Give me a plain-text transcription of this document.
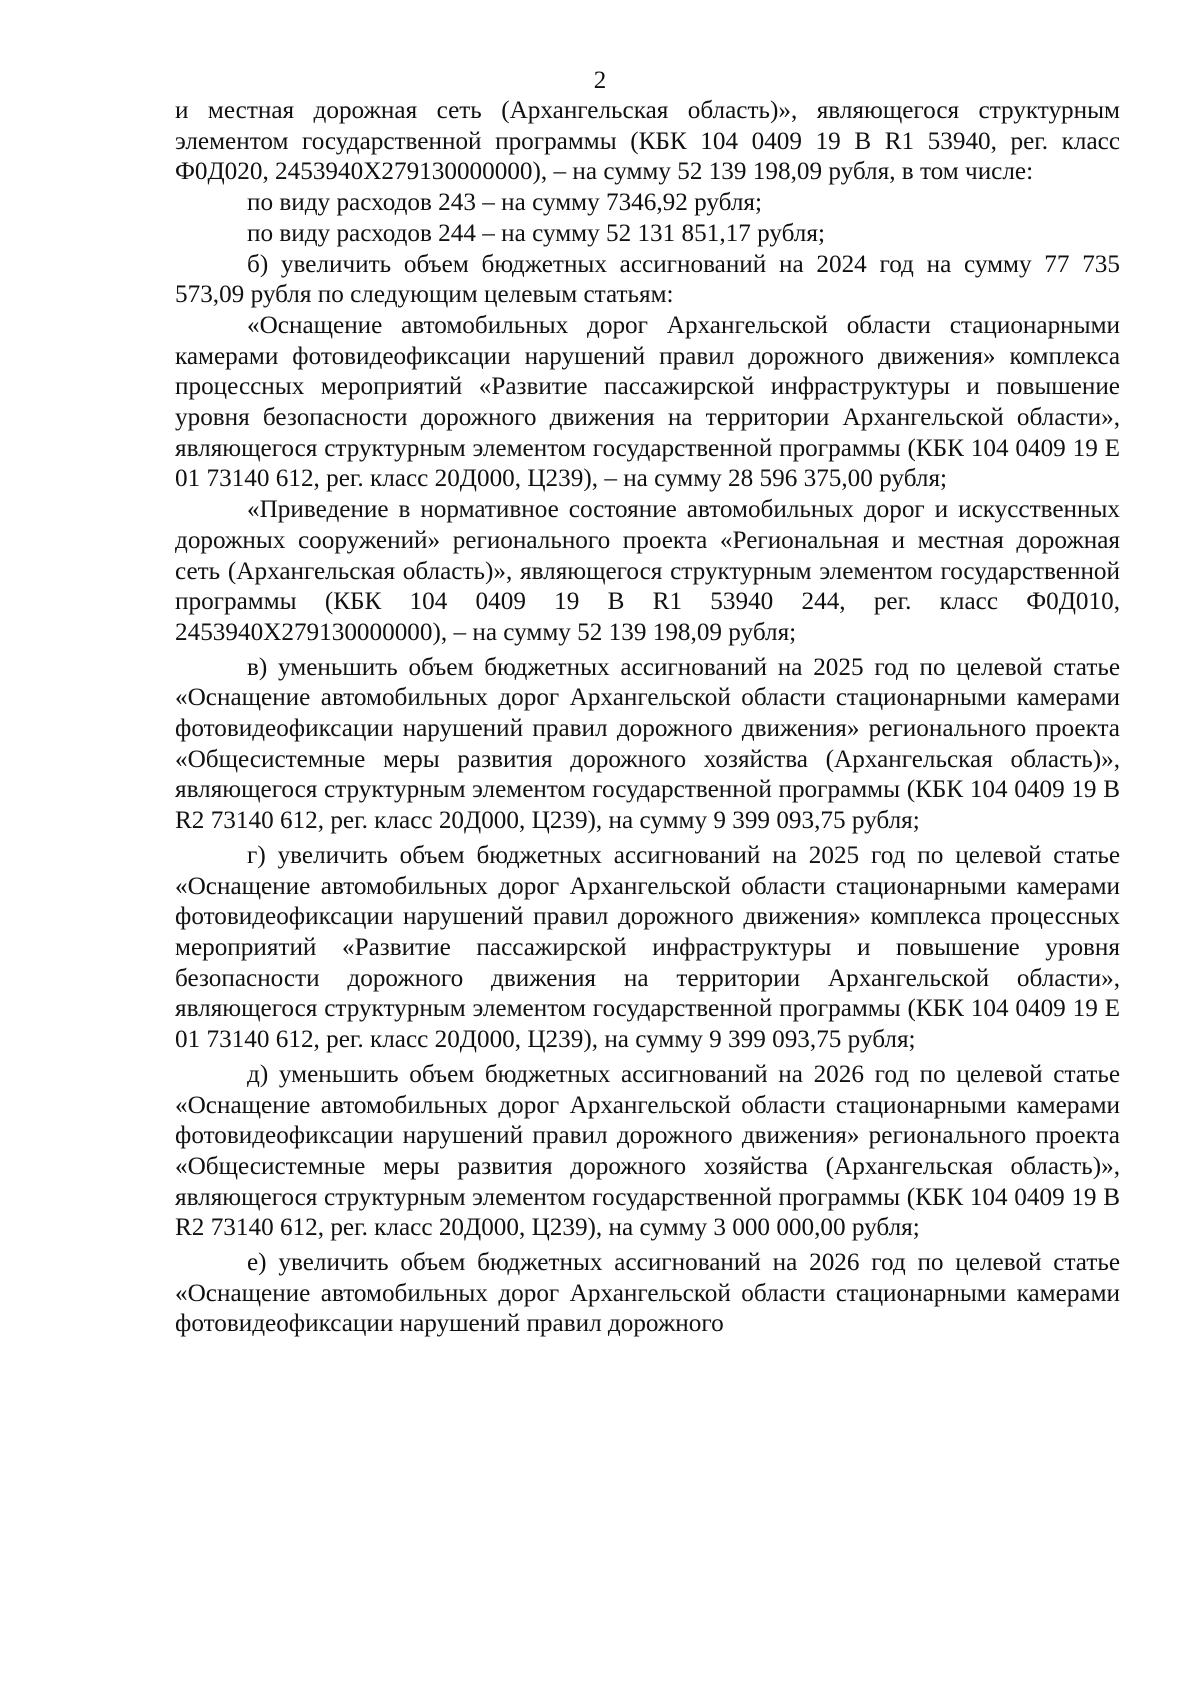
2

и местная дорожная сеть (Архангельская область)», являющегося структурным элементом государственной программы (КБК 104 0409 19 В R1 53940, рег. класс Ф0Д020, 2453940Х279130000000), – на сумму 52 139 198,09 рубля, в том числе:

по виду расходов 243 – на сумму 7346,92 рубля;

по виду расходов 244 – на сумму 52 131 851,17 рубля;

б) увеличить объем бюджетных ассигнований на 2024 год на сумму 77 735 573,09 рубля по следующим целевым статьям:

«Оснащение автомобильных дорог Архангельской области стационарными камерами фотовидеофиксации нарушений правил дорожного движения» комплекса процессных мероприятий «Развитие пассажирской инфраструктуры и повышение уровня безопасности дорожного движения на территории Архангельской области», являющегося структурным элементом государственной программы (КБК 104 0409 19 Е 01 73140 612, рег. класс 20Д000, Ц239), – на сумму 28 596 375,00 рубля;

«Приведение в нормативное состояние автомобильных дорог и искусственных дорожных сооружений» регионального проекта «Региональная и местная дорожная сеть (Архангельская область)», являющегося структурным элементом государственной программы (КБК 104 0409 19 В R1 53940 244, рег. класс Ф0Д010, 2453940Х279130000000), – на сумму 52 139 198,09 рубля;

в) уменьшить объем бюджетных ассигнований на 2025 год по целевой статье «Оснащение автомобильных дорог Архангельской области стационарными камерами фотовидеофиксации нарушений правил дорожного движения» регионального проекта «Общесистемные меры развития дорожного хозяйства (Архангельская область)», являющегося структурным элементом государственной программы (КБК 104 0409 19 В R2 73140 612, рег. класс 20Д000, Ц239), на сумму 9 399 093,75 рубля;

г) увеличить объем бюджетных ассигнований на 2025 год по целевой статье «Оснащение автомобильных дорог Архангельской области стационарными камерами фотовидеофиксации нарушений правил дорожного движения» комплекса процессных мероприятий «Развитие пассажирской инфраструктуры и повышение уровня безопасности дорожного движения на территории Архангельской области», являющегося структурным элементом государственной программы (КБК 104 0409 19 Е 01 73140 612, рег. класс 20Д000, Ц239), на сумму 9 399 093,75 рубля;

д) уменьшить объем бюджетных ассигнований на 2026 год по целевой статье «Оснащение автомобильных дорог Архангельской области стационарными камерами фотовидеофиксации нарушений правил дорожного движения» регионального проекта «Общесистемные меры развития дорожного хозяйства (Архангельская область)», являющегося структурным элементом государственной программы (КБК 104 0409 19 В R2 73140 612, рег. класс 20Д000, Ц239), на сумму 3 000 000,00 рубля;

е) увеличить объем бюджетных ассигнований на 2026 год по целевой статье «Оснащение автомобильных дорог Архангельской области стационарными камерами фотовидеофиксации нарушений правил дорожного
